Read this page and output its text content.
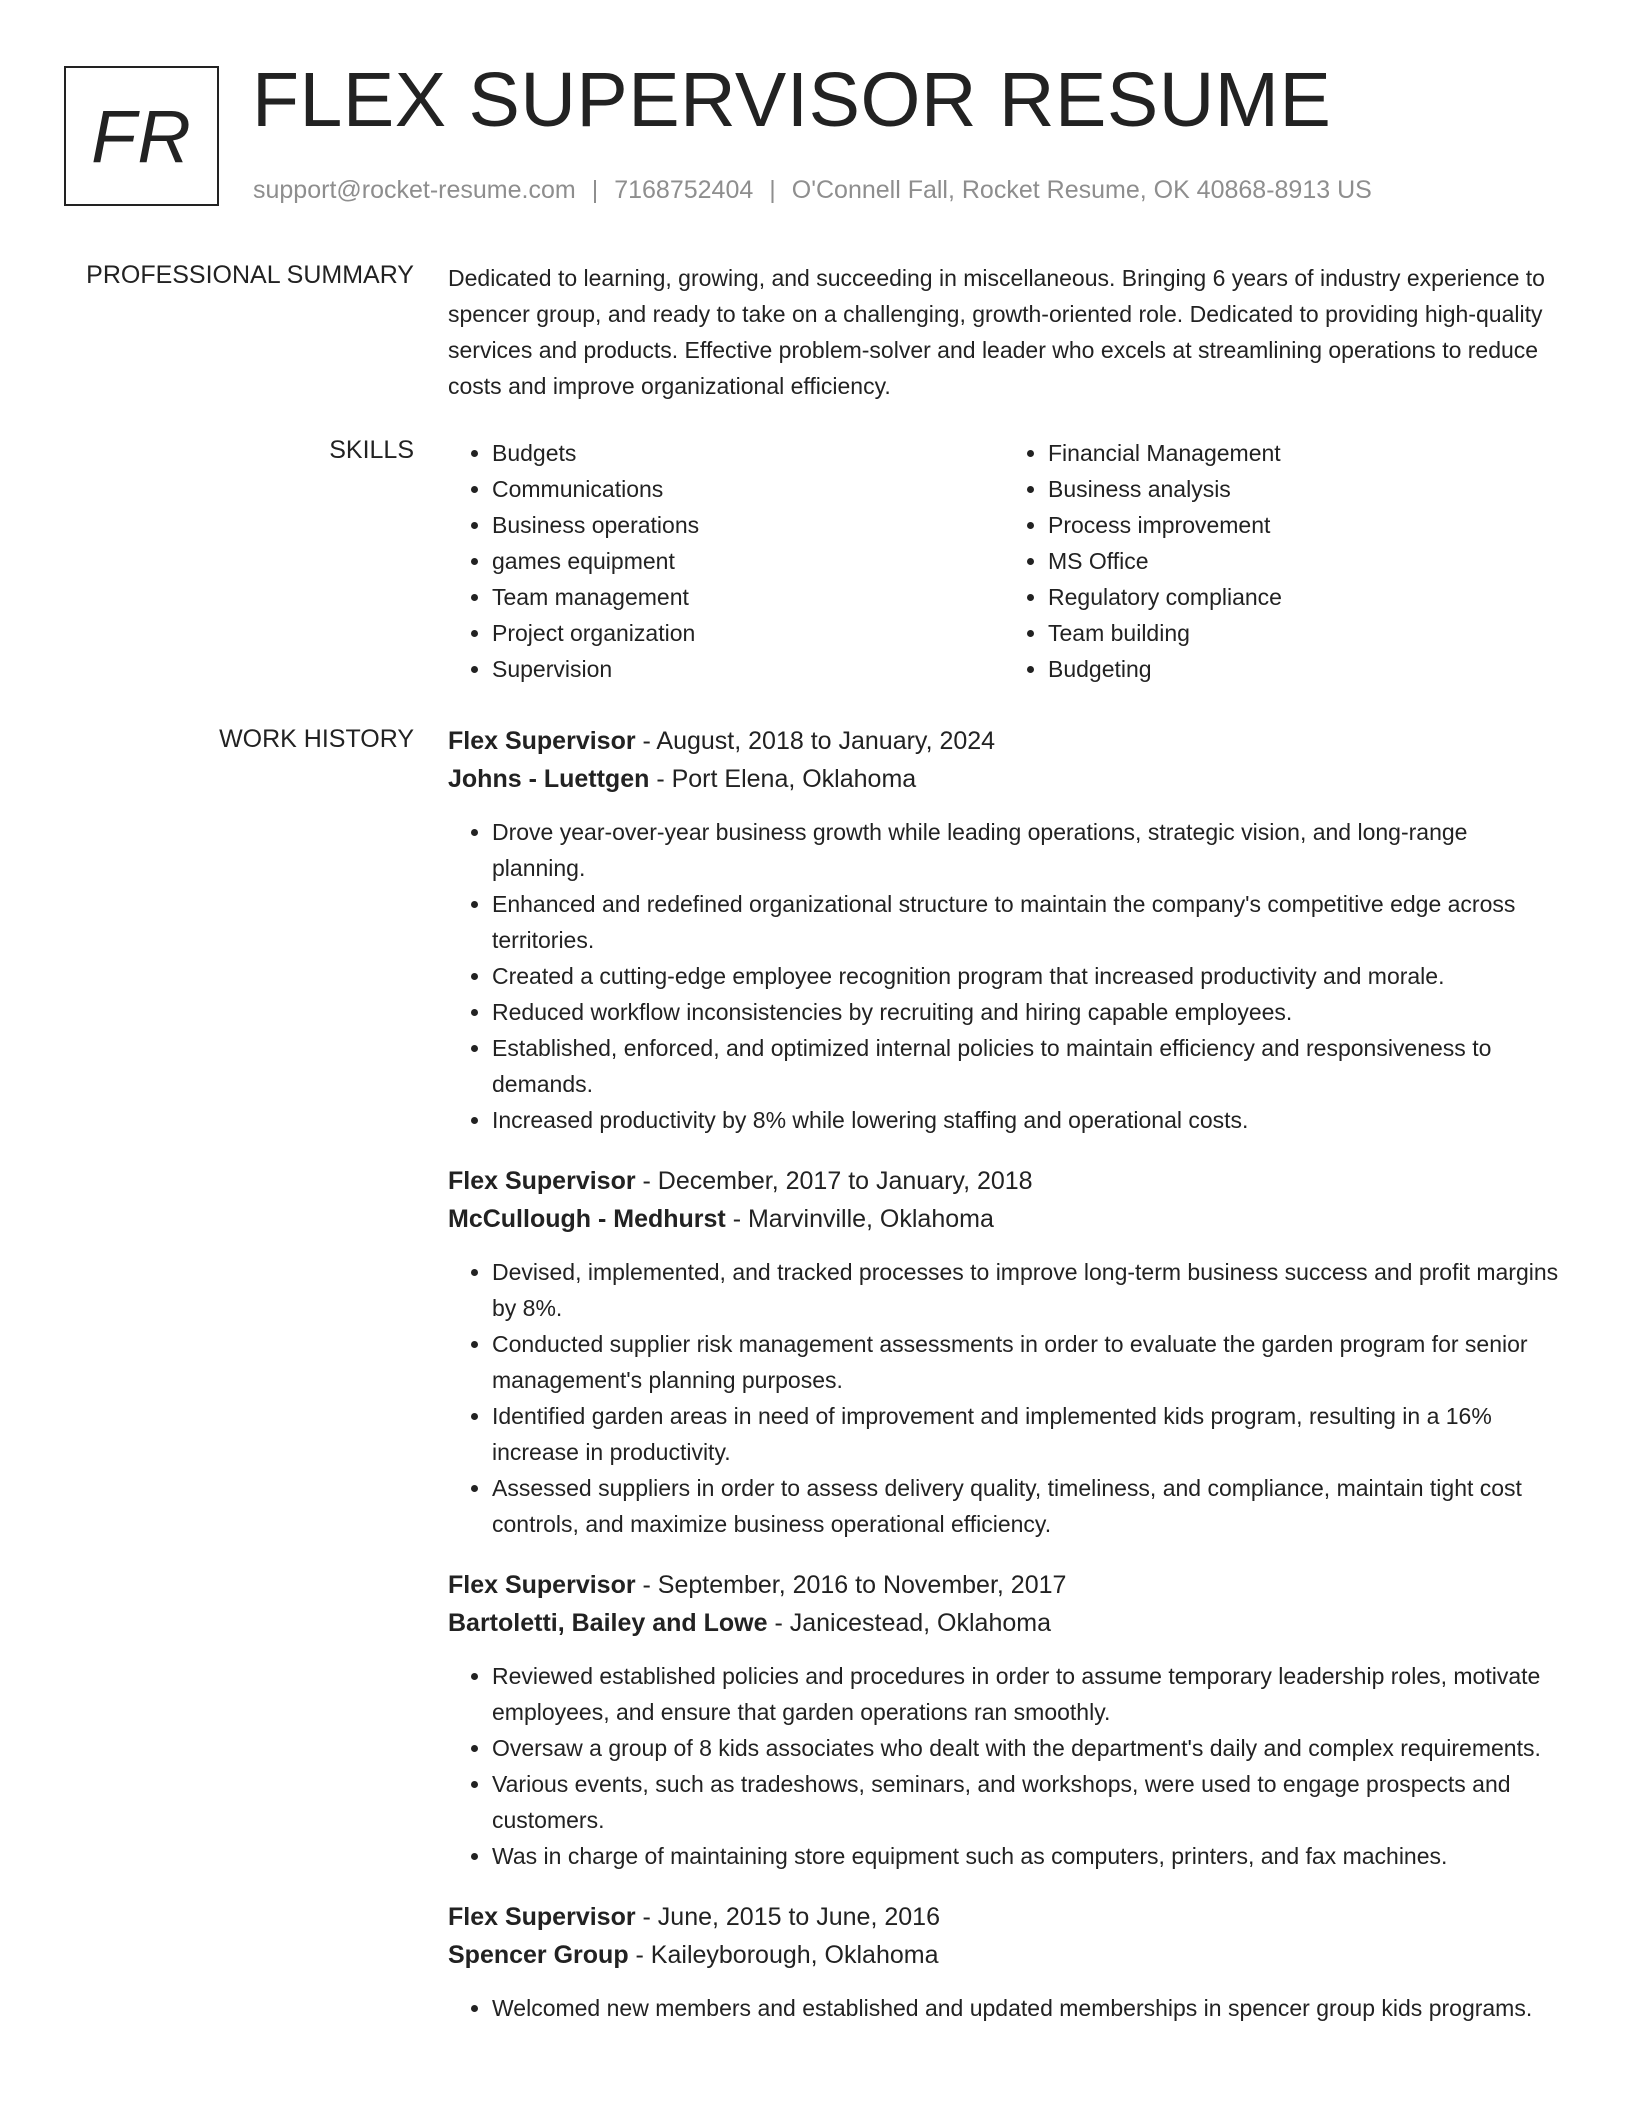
FR FLEX SUPERVISOR RESUME
support@rocket-resume.com | 7168752404 | O'Connell Fall, Rocket Resume, OK 40868-8913 US
PROFESSIONAL SUMMARY Dedicated to learning, growing, and succeeding in miscellaneous. Bringing 6 years of industry experience to spencer group, and ready to take on a challenging, growth-oriented role. Dedicated to providing high-quality services and products. Effective problem-solver and leader who excels at streamlining operations to reduce costs and improve organizational efficiency.

SKILLS
•	Budgets
• Communications
• Business operations
• games equipment
• Team management
• Project organization
• Supervision
• Financial Management
• Business analysis
• Process improvement
• MS Office
• Regulatory compliance
• Team building
• Budgeting
WORK HISTORY Flex Supervisor - August, 2018 to January, 2024
Johns - Luettgen - Port Elena, Oklahoma
• Drove year-over-year business growth while leading operations, strategic vision, and long-range planning.
• Enhanced and redefined organizational structure to maintain the company's competitive edge across territories.
• Created a cutting-edge employee recognition program that increased productivity and morale.
• Reduced workflow inconsistencies by recruiting and hiring capable employees.
• Established, enforced, and optimized internal policies to maintain efficiency and responsiveness to demands.
• Increased productivity by 8% while lowering staffing and operational costs.
Flex Supervisor - December, 2017 to January, 2018
McCullough - Medhurst - Marvinville, Oklahoma
• Devised, implemented, and tracked processes to improve long-term business success and profit margins by 8%.
• Conducted supplier risk management assessments in order to evaluate the garden program for senior management's planning purposes.
• Identified garden areas in need of improvement and implemented kids program, resulting in a 16% increase in productivity.
• Assessed suppliers in order to assess delivery quality, timeliness, and compliance, maintain tight cost controls, and maximize business operational efficiency.
Flex Supervisor - September, 2016 to November, 2017
Bartoletti, Bailey and Lowe - Janicestead, Oklahoma
• Reviewed established policies and procedures in order to assume temporary leadership roles, motivate employees, and ensure that garden operations ran smoothly.
• Oversaw a group of 8 kids associates who dealt with the department's daily and complex requirements.
• Various events, such as tradeshows, seminars, and workshops, were used to engage prospects and customers.
• Was in charge of maintaining store equipment such as computers, printers, and fax machines.
Flex Supervisor - June, 2015 to June, 2016
Spencer Group - Kaileyborough, Oklahoma
• Welcomed new members and established and updated memberships in spencer group kids programs.
